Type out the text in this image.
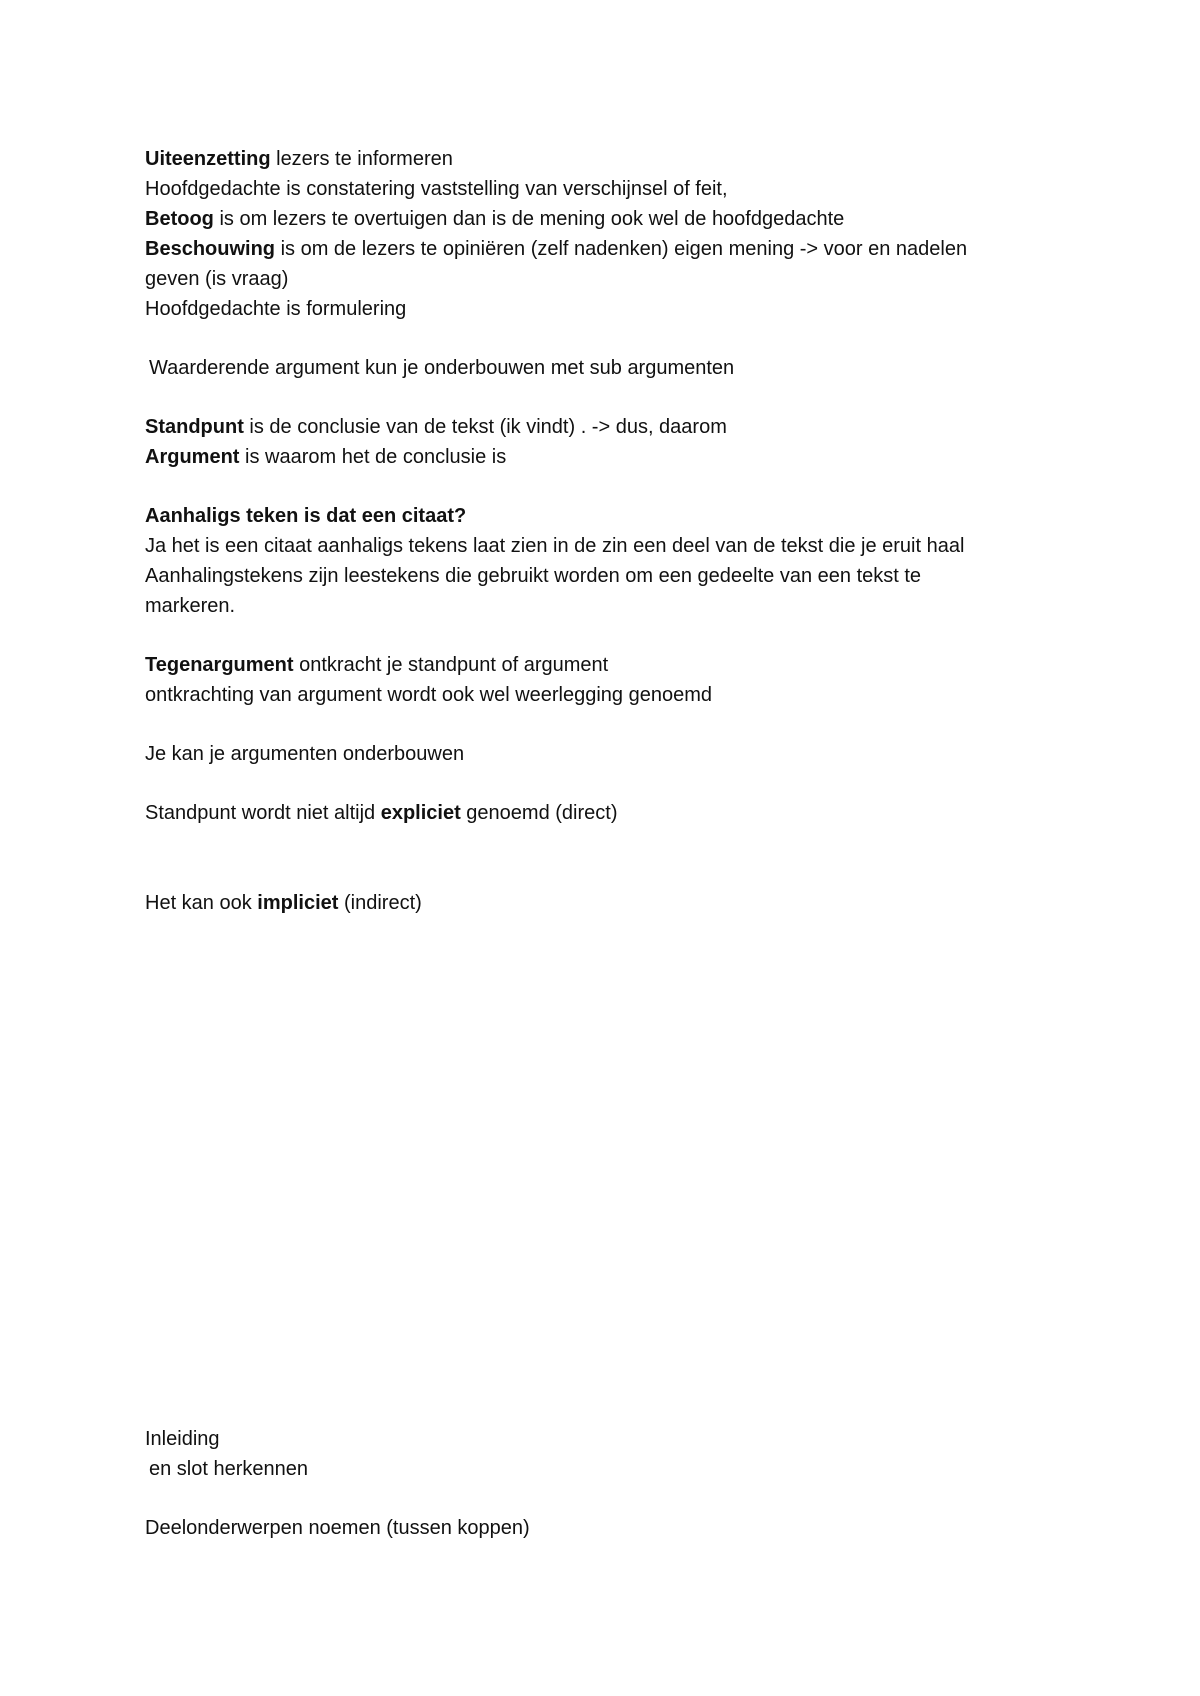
Uiteenzetting lezers te informeren
Hoofdgedachte is constatering vaststelling van verschijnsel of feit,
Betoog is om lezers te overtuigen dan is de mening ook wel de hoofdgedachte
Beschouwing is om de lezers te opiniëren (zelf nadenken) eigen mening -> voor en nadelen
geven (is vraag)
Hoofdgedachte is formulering
Waarderende argument kun je onderbouwen met sub argumenten
Standpunt is de conclusie van de tekst (ik vindt) . -> dus, daarom
Argument is waarom het de conclusie is
Aanhaligs teken is dat een citaat?
Ja het is een citaat aanhaligs tekens laat zien in de zin een deel van de tekst die je eruit haal
Aanhalingstekens zijn leestekens die gebruikt worden om een gedeelte van een tekst te
markeren.
Tegenargument ontkracht je standpunt of argument
ontkrachting van argument wordt ook wel weerlegging genoemd
Je kan je argumenten onderbouwen
Standpunt wordt niet altijd expliciet genoemd (direct)
Het kan ook impliciet (indirect)
Inleiding
en slot herkennen
Deelonderwerpen noemen (tussen koppen)
